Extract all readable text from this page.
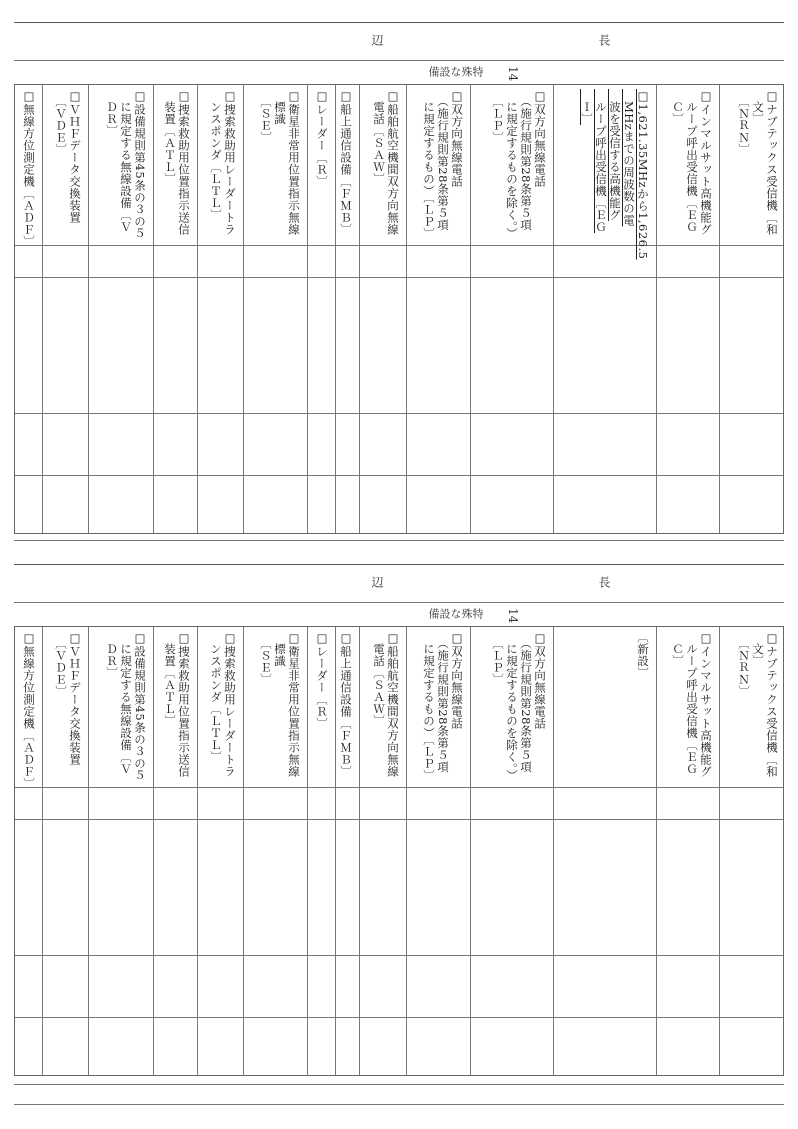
長
辺
14
特殊な設備
□ナブテックス受信機〔和
　文〕
　〔ＮＲＮ〕
□インマルサット高機能グ
　ループ呼出受信機〔ＥＧ
　Ｃ〕
□1,621.35MHzから1,626.5
　MHzまでの周波数の電
　波を受信する高機能グ
　ループ呼出受信機〔ＥＧ
　Ｉ〕
□双方向無線電話
　（施行規則第28条第５項
　に規定するものを除く。）
　〔ＬＰ〕
□双方向無線電話
　（施行規則第28条第５項
　に規定するもの）〔ＬＰ〕
□船舶航空機間双方向無線
　電話〔ＳＡＷ〕
□船上通信設備〔ＦＭＢ〕
□レーダー〔Ｒ〕
□衛星非常用位置指示無線
　標識
　〔ＳＥ〕
□捜索救助用レーダートラ
　ンスポンダ〔ＬＴＬ〕
□捜索救助用位置指示送信
　装置〔ＡＴＬ〕
□設備規則第45条の３の５
　に規定する無線設備〔Ｖ
　ＤＲ〕
□ＶＨＦデータ交換装置
　〔ＶＤＥ〕
□無線方位測定機〔ＡＤＦ〕
長
辺
14
特殊な設備
□ナブテックス受信機〔和
　文〕
　〔ＮＲＮ〕
□インマルサット高機能グ
　ループ呼出受信機〔ＥＧ
　Ｃ〕
〔新設〕
□双方向無線電話
　（施行規則第28条第５項
　に規定するものを除く。）
　〔ＬＰ〕
□双方向無線電話
　（施行規則第28条第５項
　に規定するもの）〔ＬＰ〕
□船舶航空機間双方向無線
　電話〔ＳＡＷ〕
□船上通信設備〔ＦＭＢ〕
□レーダー〔Ｒ〕
□衛星非常用位置指示無線
　標識
　〔ＳＥ〕
□捜索救助用レーダートラ
　ンスポンダ〔ＬＴＬ〕
□捜索救助用位置指示送信
　装置〔ＡＴＬ〕
□設備規則第45条の３の５
　に規定する無線設備〔Ｖ
　ＤＲ〕
□ＶＨＦデータ交換装置
　〔ＶＤＥ〕
□無線方位測定機〔ＡＤＦ〕
